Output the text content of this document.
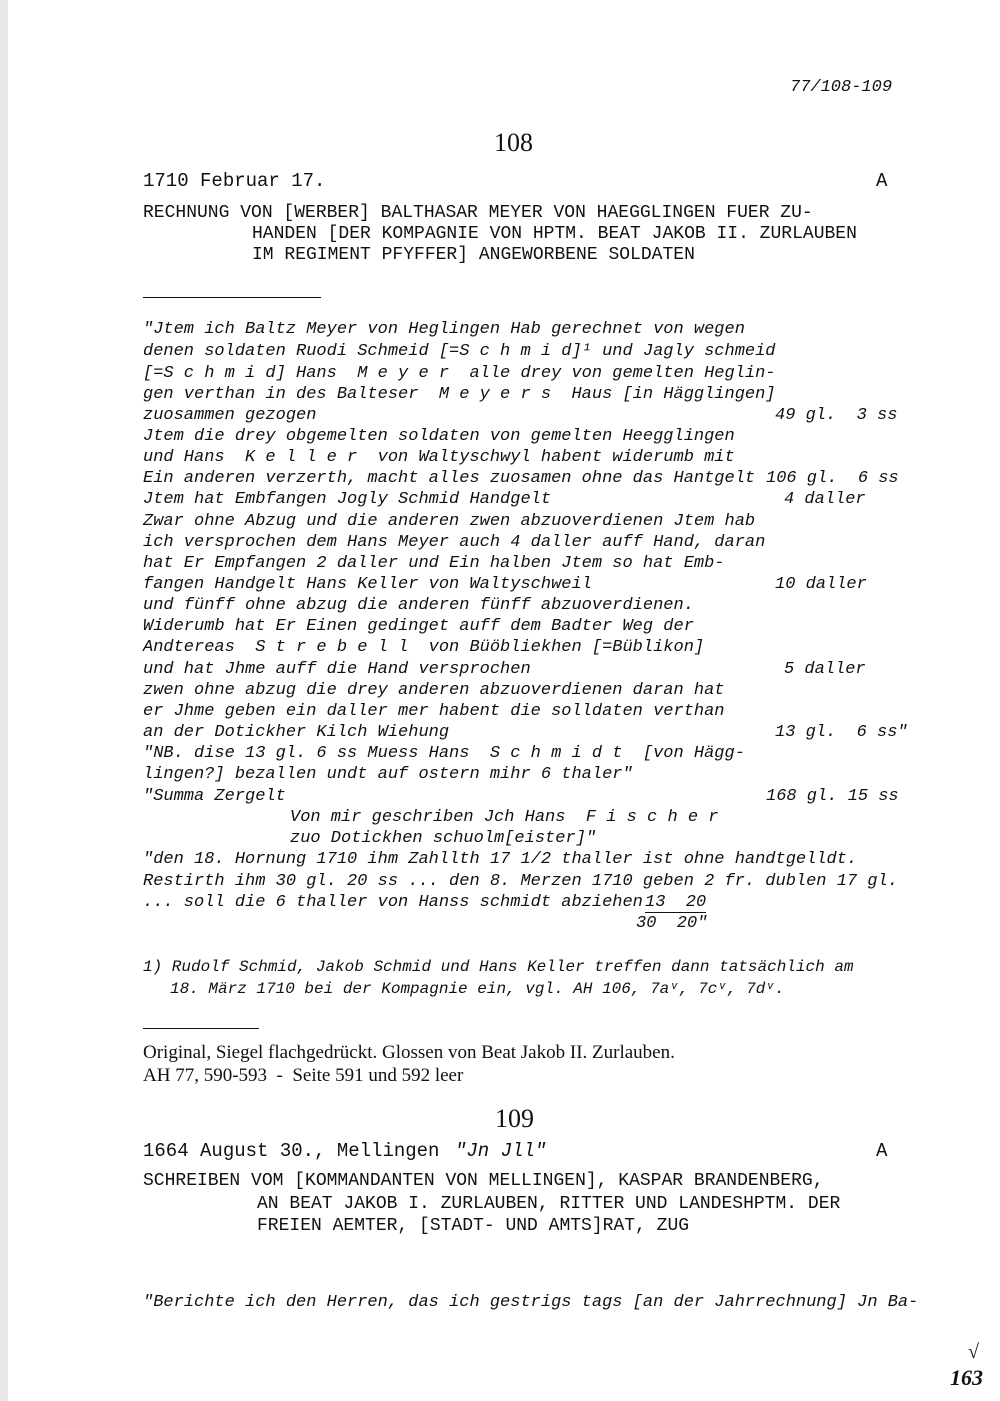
77/108-109
108
1710 Februar 17.	A
RECHNUNG VON [WERBER] BALTHASAR MEYER VON HAEGGLINGEN FUER ZU-
HANDEN [DER KOMPAGNIE VON HPTM. BEAT JAKOB II. ZURLAUBEN
IM REGIMENT PFYFFER] ANGEWORBENE SOLDATEN
"Jtem ich Baltz Meyer von Heglingen Hab gerechnet von wegen
denen soldaten Ruodi Schmeid [=S c h m i d]¹ und Jagly schmeid
[=S c h m i d] Hans  M e y e r  alle drey von gemelten Heglin-
gen verthan in des Balteser  M e y e r s  Haus [in Hägglingen]
zuosammen gezogen
Jtem die drey obgemelten soldaten von gemelten Heegglingen
und Hans  K e l l e r  von Waltyschwyl habent widerumb mit
Ein anderen verzerth, macht alles zuosamen ohne das Hantgelt
Jtem hat Embfangen Jogly Schmid Handgelt
Zwar ohne Abzug und die anderen zwen abzuoverdienen Jtem hab
ich versprochen dem Hans Meyer auch 4 daller auff Hand, daran
hat Er Empfangen 2 daller und Ein halben Jtem so hat Emb-
fangen Handgelt Hans Keller von Waltyschweil
und fünff ohne abzug die anderen fünff abzuoverdienen.
Widerumb hat Er Einen gedinget auff dem Badter Weg der
Andtereas  S t r e b e l l  von Büöbliekhen [=Büblikon]
und hat Jhme auff die Hand versprochen
zwen ohne abzug die drey anderen abzuoverdienen daran hat
er Jhme geben ein daller mer habent die solldaten verthan
an der Dotickher Kilch Wiehung
"NB. dise 13 gl. 6 ss Muess Hans  S c h m i d t  [von Hägg-
lingen?] bezallen undt auf ostern mihr 6 thaler"
"Summa Zergelt
Von mir geschriben Jch Hans  F i s c h e r
zuo Dotickhen schuolm[eister]"
"den 18. Hornung 1710 ihm Zahllth 17 1/2 thaller ist ohne handtgelldt.
Restirth ihm 30 gl. 20 ss ... den 8. Merzen 1710 geben 2 fr. dublen 17 gl.
... soll die 6 thaller von Hanss schmidt abziehen
49 gl.  3 ss
106 gl.  6 ss
4 daller
10 daller
5 daller
13 gl.  6 ss"
168 gl. 15 ss
13  20
30  20"
1) Rudolf Schmid, Jakob Schmid und Hans Keller treffen dann tatsächlich am
18. März 1710 bei der Kompagnie ein, vgl. AH 106, 7aᵛ, 7cᵛ, 7dᵛ.
Original, Siegel flachgedrückt. Glossen von Beat Jakob II. Zurlauben.
AH 77, 590-593  -  Seite 591 und 592 leer
109
1664 August 30., Mellingen "Jn Jll"	A
SCHREIBEN VOM [KOMMANDANTEN VON MELLINGEN], KASPAR BRANDENBERG,
AN BEAT JAKOB I. ZURLAUBEN, RITTER UND LANDESHPTM. DER
FREIEN AEMTER, [STADT- UND AMTS]RAT, ZUG
"Berichte ich den Herren, das ich gestrigs tags [an der Jahrrechnung] Jn Ba-
√
163
